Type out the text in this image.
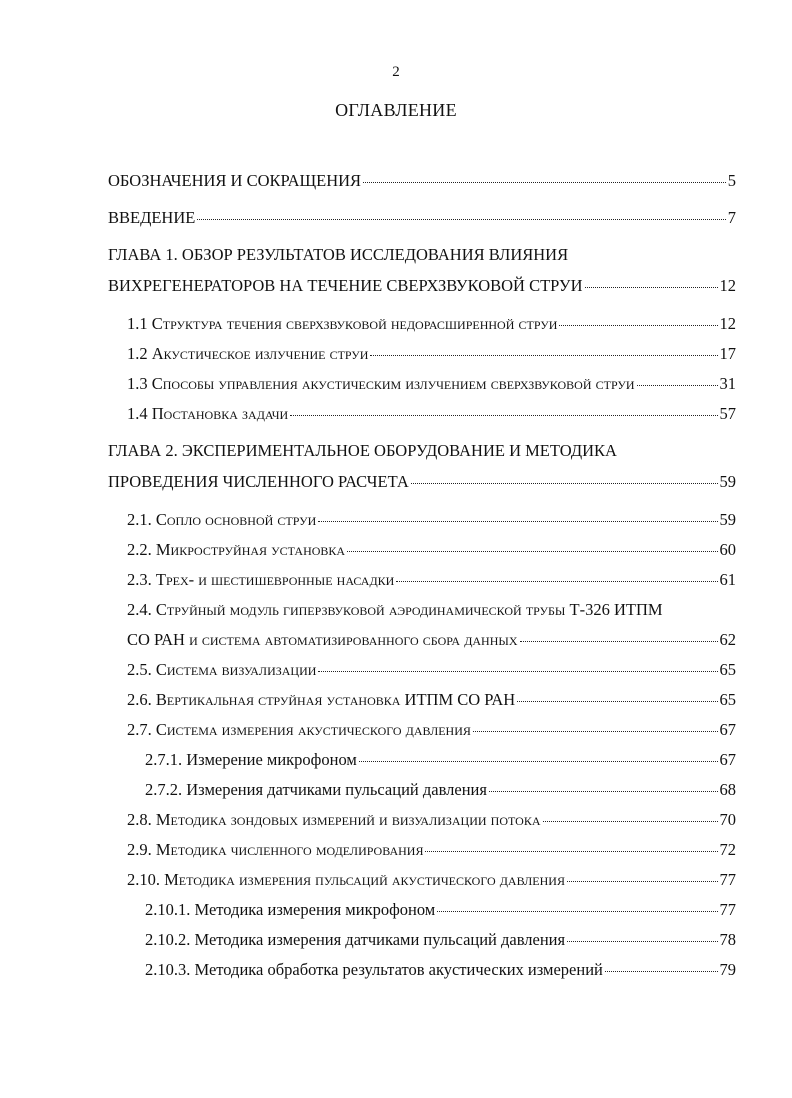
2
ОГЛАВЛЕНИЕ
ОБОЗНАЧЕНИЯ И СОКРАЩЕНИЯ	5
ВВЕДЕНИЕ	7
ГЛАВА 1. ОБЗОР РЕЗУЛЬТАТОВ ИССЛЕДОВАНИЯ ВЛИЯНИЯ
ВИХРЕГЕНЕРАТОРОВ НА ТЕЧЕНИЕ СВЕРХЗВУКОВОЙ СТРУИ	12
1.1 Структура течения сверхзвуковой недорасширенной струи	12
1.2 Акустическое излучение струи	17
1.3 Способы управления акустическим излучением сверхзвуковой струи	31
1.4 Постановка задачи	57
ГЛАВА 2. ЭКСПЕРИМЕНТАЛЬНОЕ ОБОРУДОВАНИЕ И МЕТОДИКА
ПРОВЕДЕНИЯ ЧИСЛЕННОГО РАСЧЕТА	59
2.1. Сопло основной струи	59
2.2. Микроструйная установка	60
2.3. Трех- и шестишевронные насадки	61
2.4. Струйный модуль гиперзвуковой аэродинамической трубы Т-326 ИТПМ
СО РАН и система автоматизированного сбора данных	62
2.5. Система визуализации	65
2.6. Вертикальная струйная установка ИТПМ СО РАН	65
2.7. Система измерения акустического давления	67
2.7.1. Измерение микрофоном	67
2.7.2. Измерения датчиками пульсаций давления	68
2.8. Методика зондовых измерений и визуализации потока	70
2.9. Методика численного моделирования	72
2.10. Методика измерения пульсаций акустического давления	77
2.10.1. Методика измерения микрофоном	77
2.10.2. Методика измерения датчиками пульсаций давления	78
2.10.3. Методика обработка результатов акустических измерений	79
